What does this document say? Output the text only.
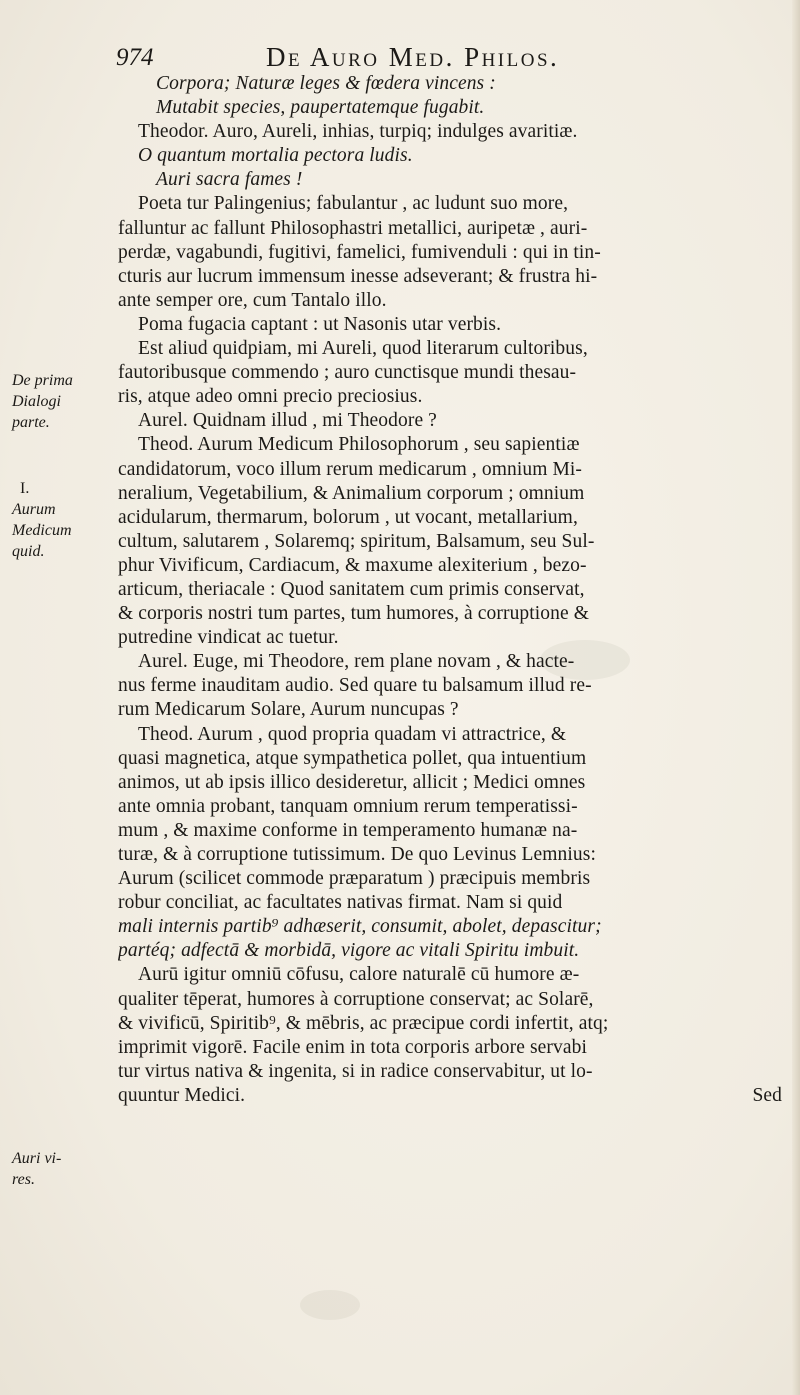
974	De Auro Med. Philos.
De prima
Dialogi
parte.
I.
Aurum
Medicum
quid.
Auri vi-
res.
Corpora; Naturæ leges & fœdera vincens :
Mutabit species, paupertatemque fugabit.
Theodor. Auro, Aureli, inhias, turpiq; indulges avaritiæ.
O quantum mortalia pectora ludis.
Auri sacra fames !
Poeta tur Palingenius; fabulantur , ac ludunt suo more,
falluntur ac fallunt Philosophastri metallici, auripetæ , auri-
perdæ, vagabundi, fugitivi, famelici, fumivenduli : qui in tin-
cturis aur lucrum immensum inesse adseverant; & frustra hi-
ante semper ore, cum Tantalo illo.
Poma fugacia captant : ut Nasonis utar verbis.
Est aliud quidpiam, mi Aureli, quod literarum cultoribus,
fautoribusque commendo ; auro cunctisque mundi thesau-
ris, atque adeo omni precio preciosius.
Aurel. Quidnam illud , mi Theodore ?
Theod. Aurum Medicum Philosophorum , seu sapientiæ
candidatorum, voco illum rerum medicarum , omnium Mi-
neralium, Vegetabilium, & Animalium corporum ; omnium
acidularum, thermarum, bolorum , ut vocant, metallarium,
cultum, salutarem , Solaremq; spiritum, Balsamum, seu Sul-
phur Vivificum, Cardiacum, & maxume alexiterium , bezo-
articum, theriacale : Quod sanitatem cum primis conservat,
& corporis nostri tum partes, tum humores, à corruptione &
putredine vindicat ac tuetur.
Aurel. Euge, mi Theodore, rem plane novam , & hacte-
nus ferme inauditam audio. Sed quare tu balsamum illud re-
rum Medicarum Solare, Aurum nuncupas ?
Theod. Aurum , quod propria quadam vi attractrice, &
quasi magnetica, atque sympathetica pollet, qua intuentium
animos, ut ab ipsis illico desideretur, allicit ; Medici omnes
ante omnia probant, tanquam omnium rerum temperatissi-
mum , & maxime conforme in temperamento humanæ na-
turæ, & à corruptione tutissimum. De quo Levinus Lemnius:
Aurum (scilicet commode præparatum ) præcipuis membris
robur conciliat, ac facultates nativas firmat. Nam si quid
mali internis partib⁹ adhæserit, consumit, abolet, depascitur;
partéq; adfectā & morbidā, vigore ac vitali Spiritu imbuit.
Aurū igitur omniū cōfusu, calore naturalē cū humore æ-
qualiter tēperat, humores à corruptione conservat; ac Solarē,
& vivificū, Spiritib⁹, & mēbris, ac præcipue cordi infertit, atq;
imprimit vigorē. Facile enim in tota corporis arbore servabi
tur virtus nativa & ingenita, si in radice conservabitur, ut lo-
quuntur Medici.	Sed
